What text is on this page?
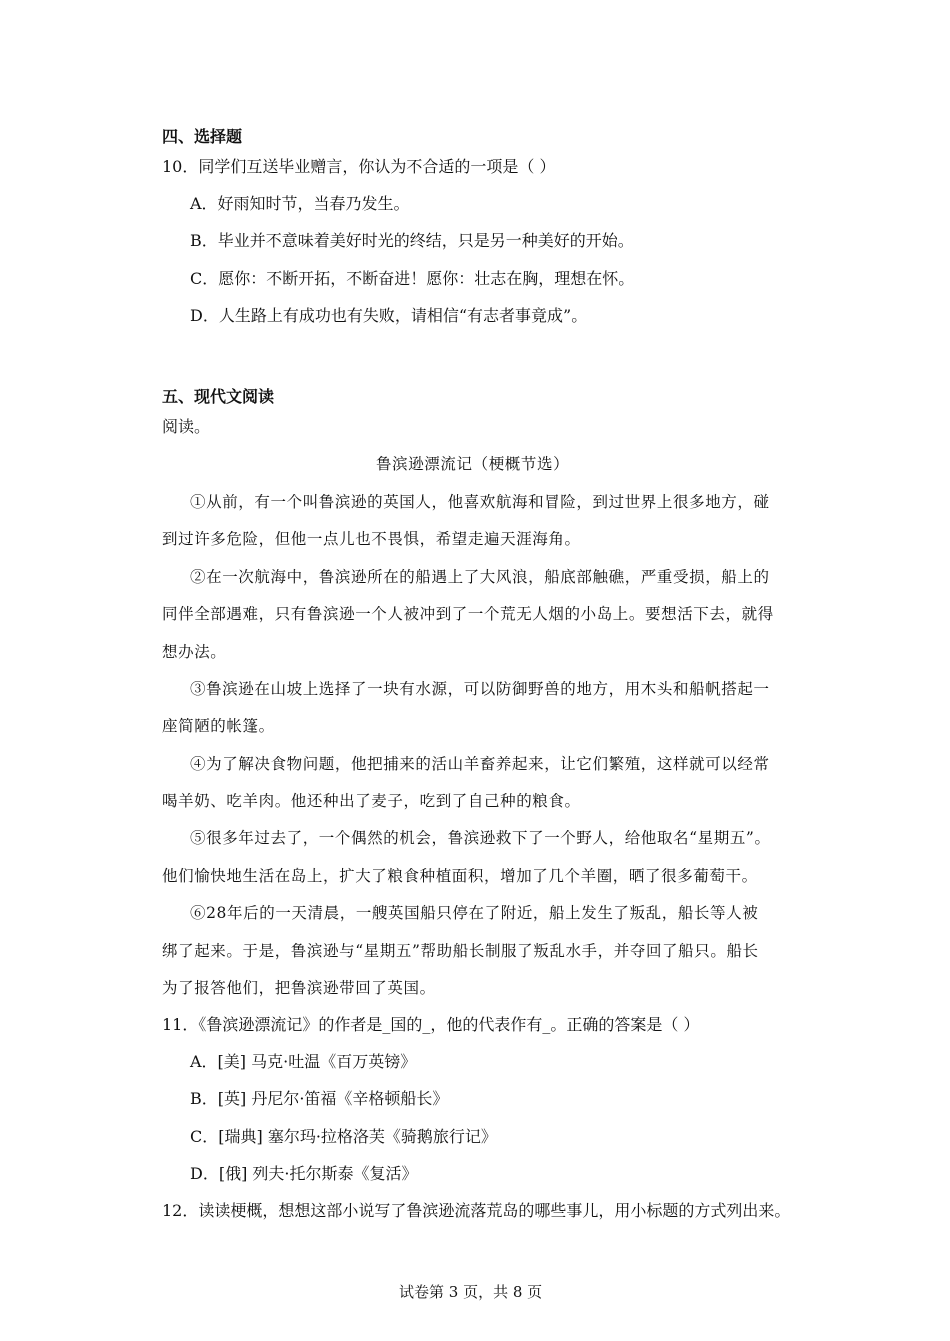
四、选择题
10．同学们互送毕业赠言，你认为不合适的一项是（ ）
A．好雨知时节，当春乃发生。
B．毕业并不意味着美好时光的终结，只是另一种美好的开始。
C．愿你：不断开拓，不断奋进！愿你：壮志在胸，理想在怀。
D．人生路上有成功也有失败，请相信“有志者事竟成”。
五、现代文阅读
阅读。
鲁滨逊漂流记（梗概节选）
①从前，有一个叫鲁滨逊的英国人，他喜欢航海和冒险，到过世界上很多地方，碰
到过许多危险，但他一点儿也不畏惧，希望走遍天涯海角。
②在一次航海中，鲁滨逊所在的船遇上了大风浪，船底部触礁，严重受损，船上的
同伴全部遇难，只有鲁滨逊一个人被冲到了一个荒无人烟的小岛上。要想活下去，就得
想办法。
③鲁滨逊在山坡上选择了一块有水源，可以防御野兽的地方，用木头和船帆搭起一
座简陋的帐篷。
④为了解决食物问题，他把捕来的活山羊畜养起来，让它们繁殖，这样就可以经常
喝羊奶、吃羊肉。他还种出了麦子，吃到了自己种的粮食。
⑤很多年过去了，一个偶然的机会，鲁滨逊救下了一个野人，给他取名“星期五”。
他们愉快地生活在岛上，扩大了粮食种植面积，增加了几个羊圈，晒了很多葡萄干。
⑥28年后的一天清晨，一艘英国船只停在了附近，船上发生了叛乱，船长等人被
绑了起来。于是，鲁滨逊与“星期五”帮助船长制服了叛乱水手，并夺回了船只。船长
为了报答他们，把鲁滨逊带回了英国。
11．《鲁滨逊漂流记》的作者是_国的_，他的代表作有_。正确的答案是（ ）
A．[美] 马克·吐温《百万英镑》
B．[英] 丹尼尔·笛福《辛格顿船长》
C．[瑞典] 塞尔玛·拉格洛芙《骑鹅旅行记》
D．[俄] 列夫·托尔斯泰《复活》
12．读读梗概，想想这部小说写了鲁滨逊流落荒岛的哪些事儿，用小标题的方式列出来。
试卷第 3 页，共 8 页
